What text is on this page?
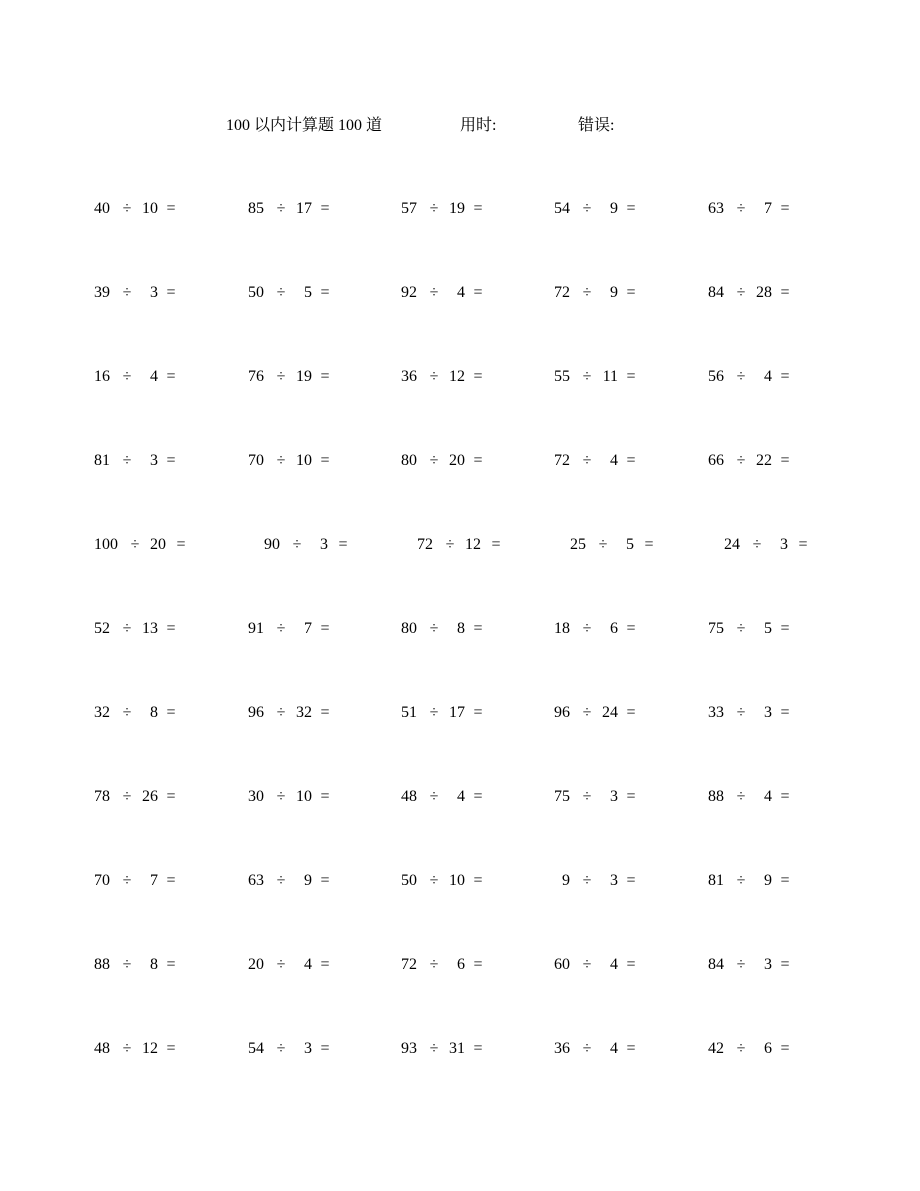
100 以内计算题 100 道	用时:	错误:
40 ÷ 10 =	85 ÷ 17 =	57 ÷ 19 =	54 ÷	9 =	63 ÷	7 =
39 ÷	3 =	50 ÷	5 =	92 ÷	4 =	72 ÷	9 =	84 ÷ 28 =
16 ÷	4 =	76 ÷ 19 =	36 ÷ 12 =	55 ÷ 11 =	56 ÷	4 =
81 ÷	3 =	70 ÷ 10 =	80 ÷ 20 =	72 ÷	4 =	66 ÷ 22 =
100 ÷ 20 =	90 ÷	3 =	72 ÷ 12 =	25 ÷	5 =	24 ÷	3 =
52 ÷ 13 =	91 ÷	7 =	80 ÷	8 =	18 ÷	6 =	75 ÷	5 =
32 ÷	8 =	96 ÷ 32 =	51 ÷ 17 =	96 ÷ 24 =	33 ÷	3 =
78 ÷ 26 =	30 ÷ 10 =	48 ÷	4 =	75 ÷	3 =	88 ÷	4 =
70 ÷	7 =	63 ÷	9 =	50 ÷ 10 =	9 ÷	3 =	81 ÷	9 =
88 ÷	8 =	20 ÷	4 =	72 ÷	6 =	60 ÷	4 =	84 ÷	3 =
48 ÷ 12 =	54 ÷	3 =	93 ÷ 31 =	36 ÷	4 =	42 ÷	6 =
